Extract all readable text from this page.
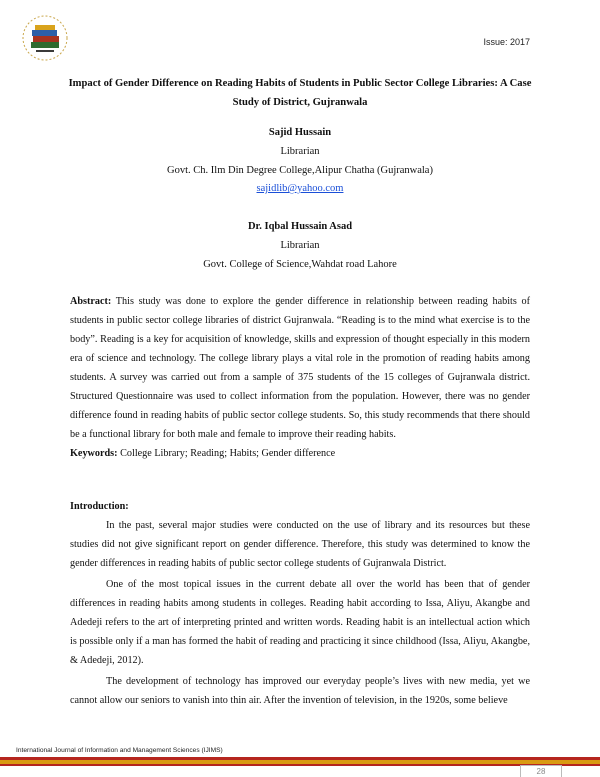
Issue: 2017
Impact of Gender Difference on Reading Habits of Students in Public Sector College Libraries: A Case Study of District, Gujranwala
Sajid Hussain
Librarian
Govt. Ch. Ilm Din Degree College,Alipur Chatha (Gujranwala)
sajidlib@yahoo.com
Dr. Iqbal Hussain Asad
Librarian
Govt. College of Science,Wahdat road Lahore

Abstract: This study was done to explore the gender difference in relationship between reading habits of students in public sector college libraries of district Gujranwala. “Reading is to the mind what exercise is to the body”. Reading is a key for acquisition of knowledge, skills and expression of thought especially in this modern era of science and technology. The college library plays a vital role in the promotion of reading habits among students. A survey was carried out from a sample of 375 students of the 15 colleges of Gujranwala district. Structured Questionnaire was used to collect information from the population. However, there was no gender difference found in reading habits of public sector college students. So, this study recommends that there should be a functional library for both male and female to improve their reading habits.

Keywords: College Library; Reading; Habits; Gender difference

Introduction:

In the past, several major studies were conducted on the use of library and its resources but these studies did not give significant report on gender difference. Therefore, this study was determined to know the gender differences in reading habits of public sector college students of Gujranwala District.

One of the most topical issues in the current debate all over the world has been that of gender differences in reading habits among students in colleges. Reading habit according to Issa, Aliyu, Akangbe and Adedeji refers to the art of interpreting printed and written words. Reading habit is an intellectual action which is possible only if a man has formed the habit of reading and practicing it since childhood (Issa, Aliyu, Akangbe, & Adedeji, 2012).

The development of technology has improved our everyday people’s lives with new media, yet we cannot allow our seniors to vanish into thin air. After the invention of television, in the 1920s, some believe

International Journal of Information and Management Sciences (IJIMS)
28
